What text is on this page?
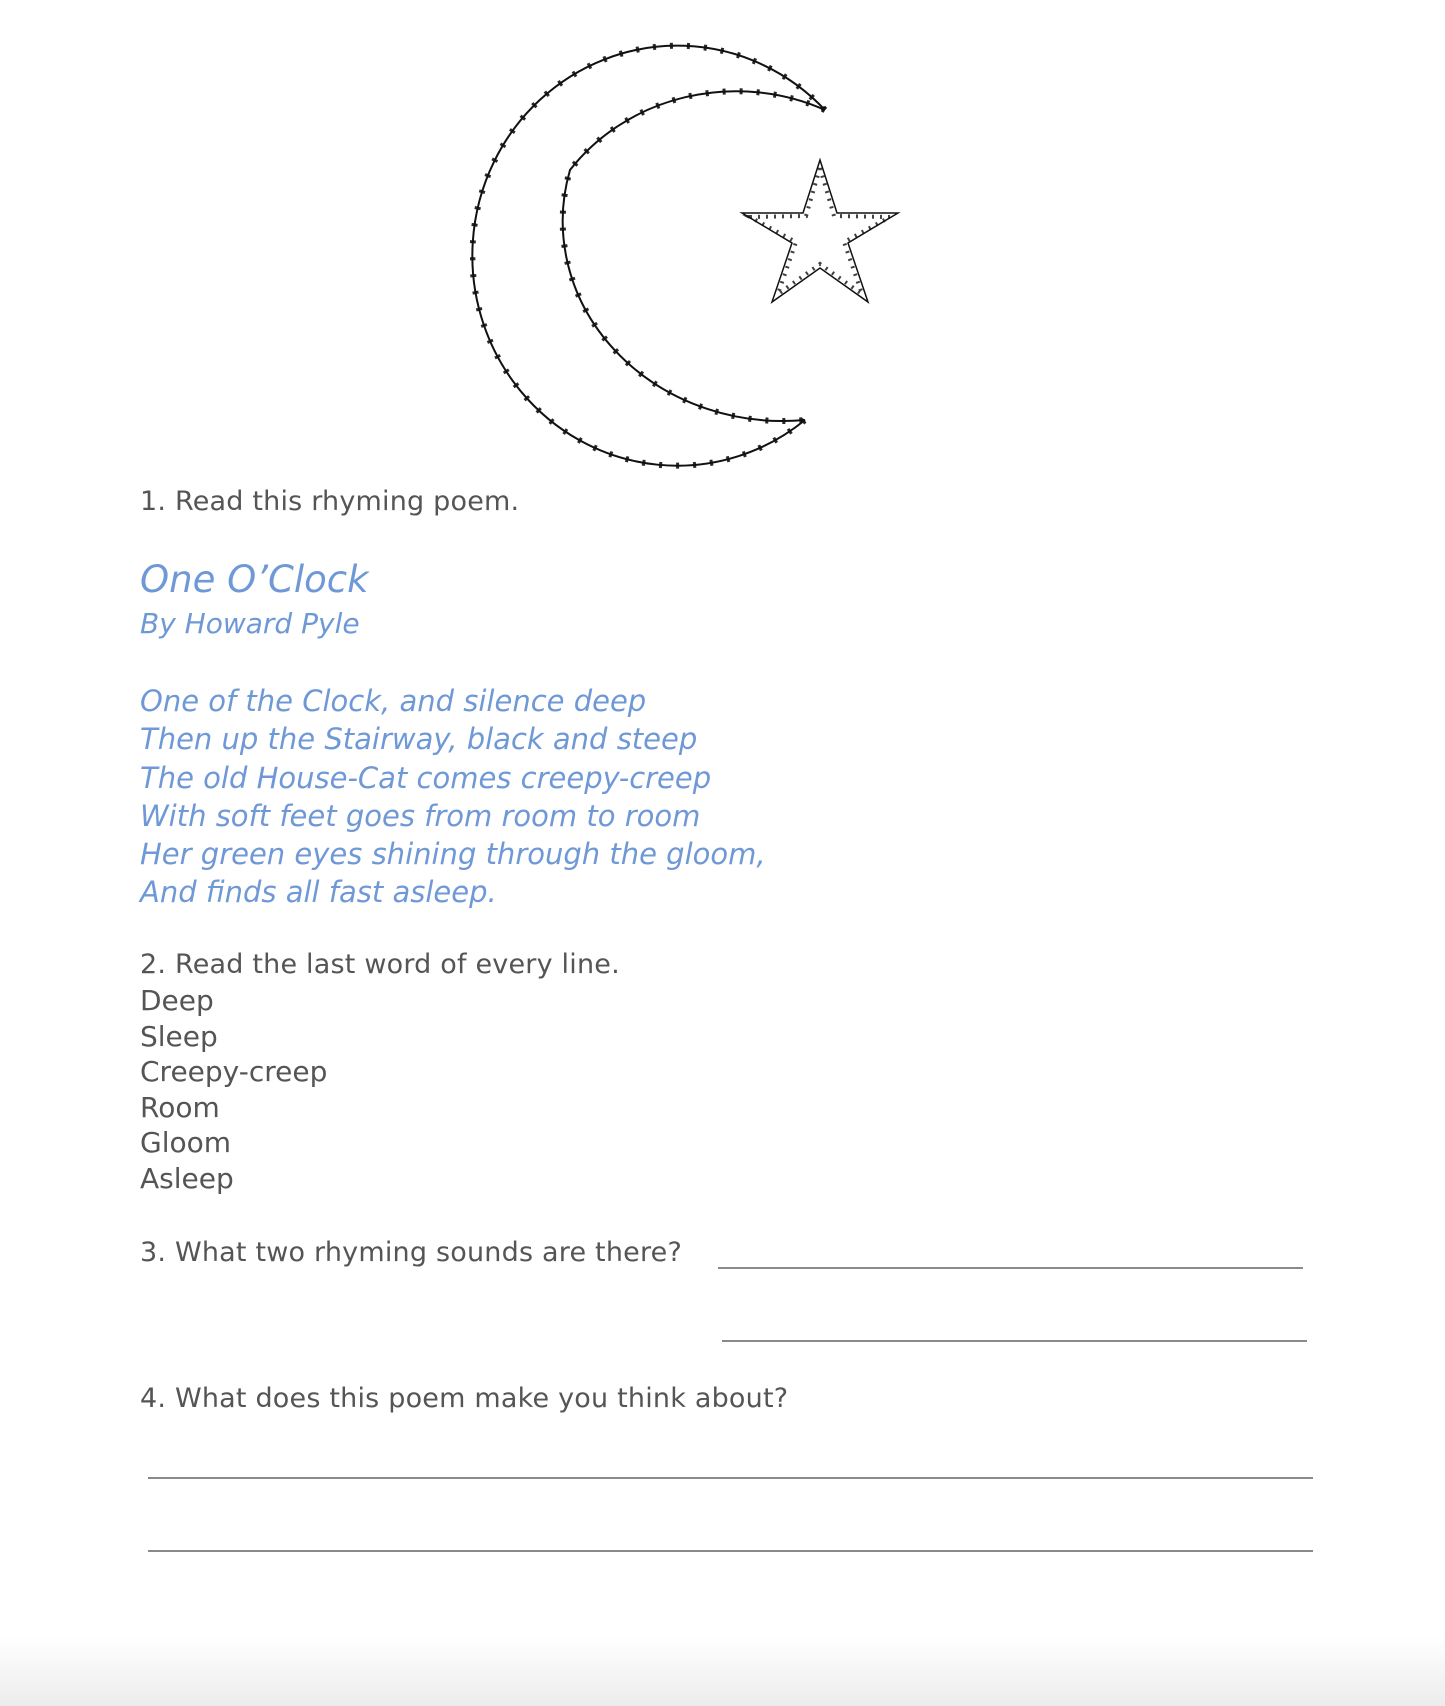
1. Read this rhyming poem.
One O’Clock
By Howard Pyle
One of the Clock, and silence deep
Then up the Stairway, black and steep
The old House-Cat comes creepy-creep
With soft feet goes from room to room
Her green eyes shining through the gloom,
And finds all fast asleep.
2. Read the last word of every line.
Deep
Sleep
Creepy-creep
Room
Gloom
Asleep
3. What two rhyming sounds are there?
4. What does this poem make you think about?
